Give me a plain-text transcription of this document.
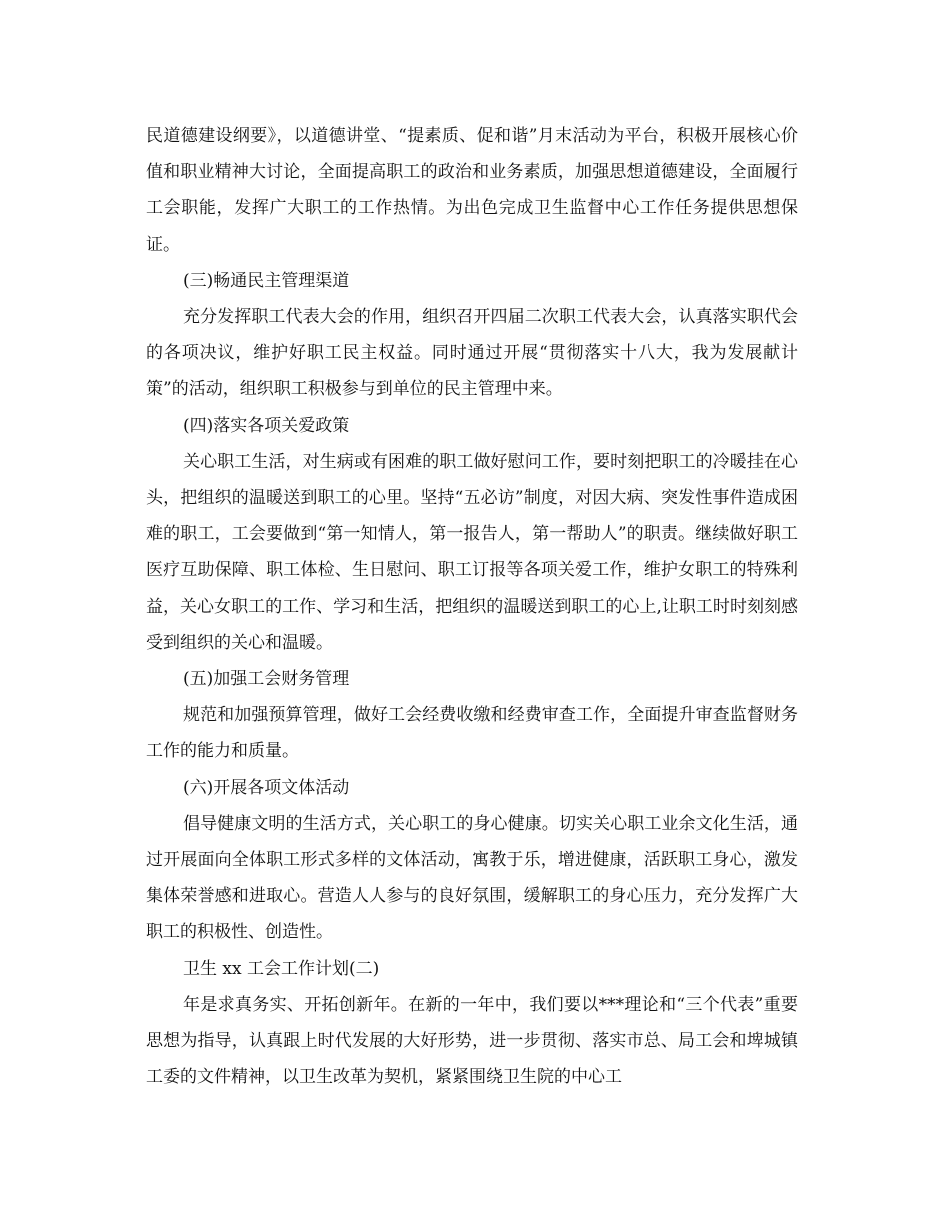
民道德建设纲要》，以道德讲堂、“提素质、促和谐”月末活动为平台，积极开展核心价值和职业精神大讨论，全面提高职工的政治和业务素质，加强思想道德建设，全面履行工会职能，发挥广大职工的工作热情。为出色完成卫生监督中心工作任务提供思想保证。

(三)畅通民主管理渠道

充分发挥职工代表大会的作用，组织召开四届二次职工代表大会，认真落实职代会的各项决议，维护好职工民主权益。同时通过开展“贯彻落实十八大，我为发展献计策”的活动，组织职工积极参与到单位的民主管理中来。

(四)落实各项关爱政策

关心职工生活，对生病或有困难的职工做好慰问工作，要时刻把职工的冷暖挂在心头，把组织的温暖送到职工的心里。坚持“五必访”制度，对因大病、突发性事件造成困难的职工，工会要做到“第一知情人，第一报告人，第一帮助人”的职责。继续做好职工医疗互助保障、职工体检、生日慰问、职工订报等各项关爱工作，维护女职工的特殊利益，关心女职工的工作、学习和生活，把组织的温暖送到职工的心上,让职工时时刻刻感受到组织的关心和温暖。

(五)加强工会财务管理

规范和加强预算管理，做好工会经费收缴和经费审查工作，全面提升审查监督财务工作的能力和质量。

(六)开展各项文体活动

倡导健康文明的生活方式，关心职工的身心健康。切实关心职工业余文化生活，通过开展面向全体职工形式多样的文体活动，寓教于乐，增进健康，活跃职工身心，激发集体荣誉感和进取心。营造人人参与的良好氛围，缓解职工的身心压力，充分发挥广大职工的积极性、创造性。

卫生 xx 工会工作计划(二)

年是求真务实、开拓创新年。在新的一年中，我们要以***理论和“三个代表”重要思想为指导，认真跟上时代发展的大好形势，进一步贯彻、落实市总、局工会和埤城镇工委的文件精神，以卫生改革为契机，紧紧围绕卫生院的中心工
